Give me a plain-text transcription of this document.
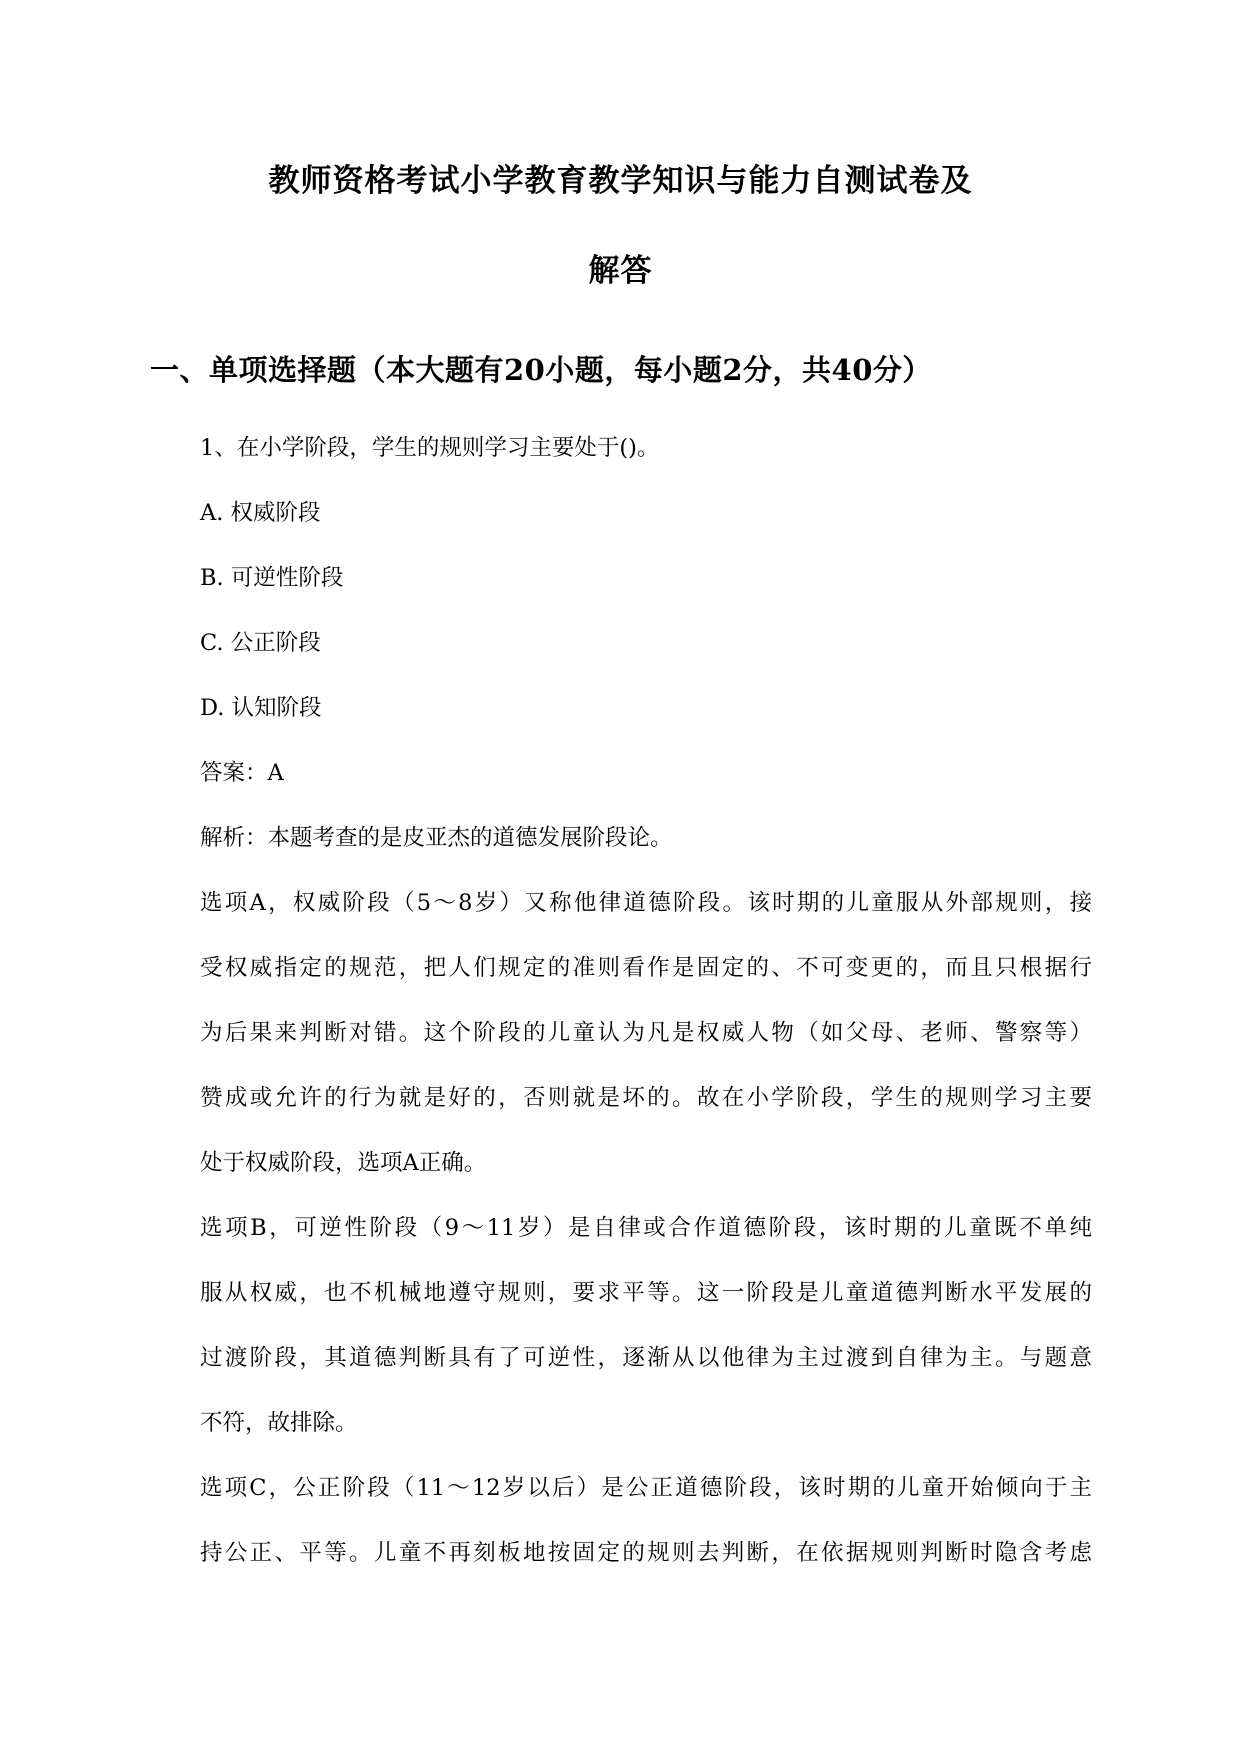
教师资格考试小学教育教学知识与能力自测试卷及
解答
一、单项选择题（本大题有20小题，每小题2分，共40分）
1、在小学阶段，学生的规则学习主要处于()。
A. 权威阶段
B. 可逆性阶段
C. 公正阶段
D. 认知阶段
答案：A
解析：本题考查的是皮亚杰的道德发展阶段论。
选项A，权威阶段（5～8岁）又称他律道德阶段。该时期的儿童服从外部规则，接
受权威指定的规范，把人们规定的准则看作是固定的、不可变更的，而且只根据行
为后果来判断对错。这个阶段的儿童认为凡是权威人物（如父母、老师、警察等）
赞成或允许的行为就是好的，否则就是坏的。故在小学阶段，学生的规则学习主要
处于权威阶段，选项A正确。
选项B，可逆性阶段（9～11岁）是自律或合作道德阶段，该时期的儿童既不单纯
服从权威，也不机械地遵守规则，要求平等。这一阶段是儿童道德判断水平发展的
过渡阶段，其道德判断具有了可逆性，逐渐从以他律为主过渡到自律为主。与题意
不符，故排除。
选项C，公正阶段（11～12岁以后）是公正道德阶段，该时期的儿童开始倾向于主
持公正、平等。儿童不再刻板地按固定的规则去判断，在依据规则判断时隐含考虑
